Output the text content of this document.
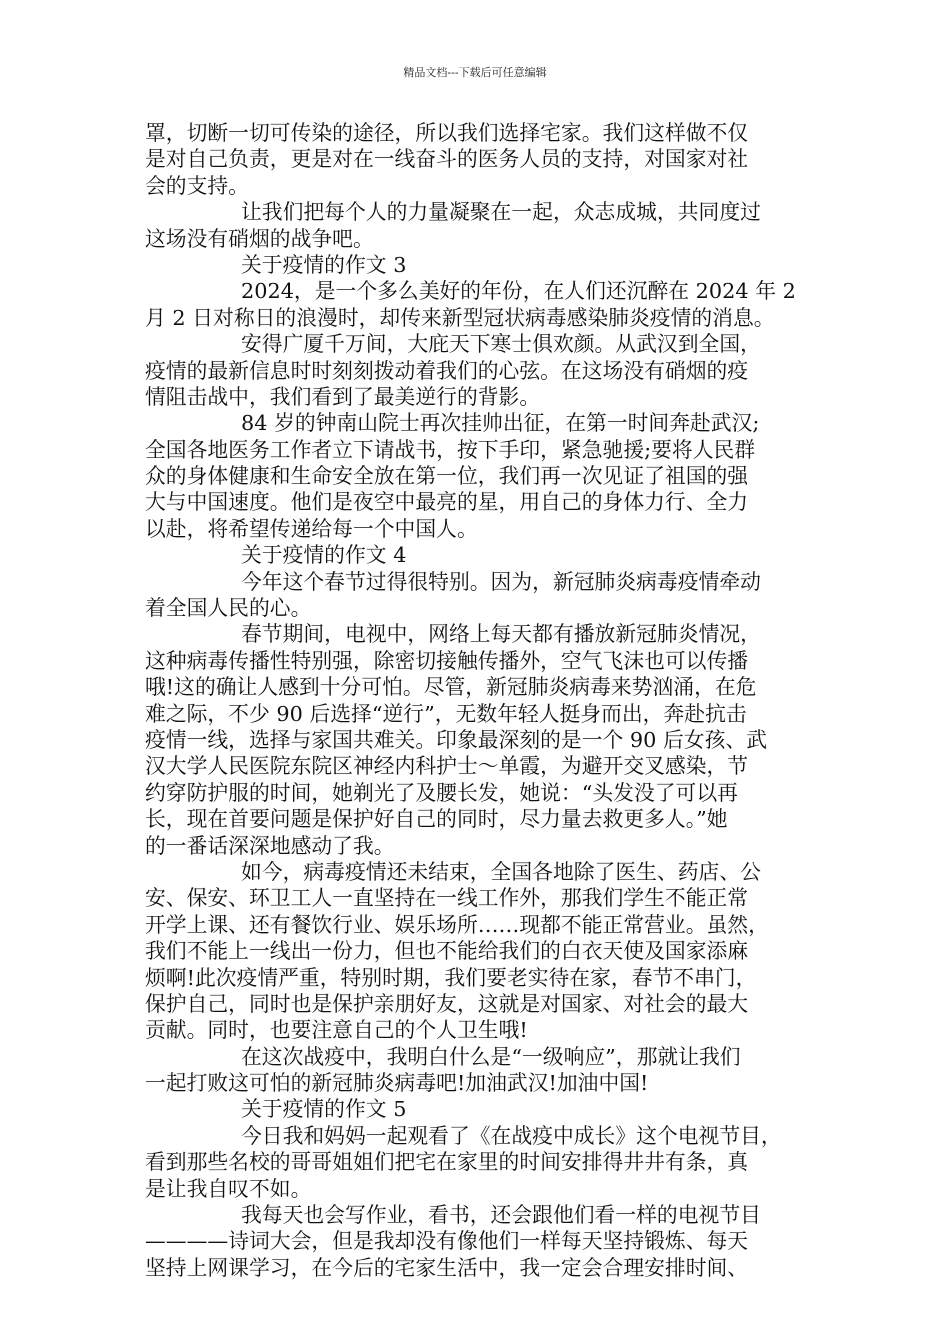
精品文档---下载后可任意编辑
罩，切断一切可传染的途径，所以我们选择宅家。我们这样做不仅
是对自己负责，更是对在一线奋斗的医务人员的支持，对国家对社
会的支持。
让我们把每个人的力量凝聚在一起，众志成城，共同度过
这场没有硝烟的战争吧。
关于疫情的作文 3
2024，是一个多么美好的年份，在人们还沉醉在 2024 年 2
月 2 日对称日的浪漫时，却传来新型冠状病毒感染肺炎疫情的消息。
安得广厦千万间，大庇天下寒士俱欢颜。从武汉到全国，
疫情的最新信息时时刻刻拨动着我们的心弦。在这场没有硝烟的疫
情阻击战中，我们看到了最美逆行的背影。
84 岁的钟南山院士再次挂帅出征，在第一时间奔赴武汉;
全国各地医务工作者立下请战书，按下手印，紧急驰援;要将人民群
众的身体健康和生命安全放在第一位，我们再一次见证了祖国的强
大与中国速度。他们是夜空中最亮的星，用自己的身体力行、全力
以赴，将希望传递给每一个中国人。
关于疫情的作文 4
今年这个春节过得很特别。因为，新冠肺炎病毒疫情牵动
着全国人民的心。
春节期间，电视中，网络上每天都有播放新冠肺炎情况，
这种病毒传播性特别强，除密切接触传播外，空气飞沫也可以传播
哦!这的确让人感到十分可怕。尽管，新冠肺炎病毒来势汹涌，在危
难之际，不少 90 后选择“逆行”，无数年轻人挺身而出，奔赴抗击
疫情一线，选择与家国共难关。印象最深刻的是一个 90 后女孩、武
汉大学人民医院东院区神经内科护士～单霞，为避开交叉感染，节
约穿防护服的时间，她剃光了及腰长发，她说：“头发没了可以再
长，现在首要问题是保护好自己的同时，尽力量去救更多人。”她
的一番话深深地感动了我。
如今，病毒疫情还未结束，全国各地除了医生、药店、公
安、保安、环卫工人一直坚持在一线工作外，那我们学生不能正常
开学上课、还有餐饮行业、娱乐场所……现都不能正常营业。虽然，
我们不能上一线出一份力，但也不能给我们的白衣天使及国家添麻
烦啊!此次疫情严重，特别时期，我们要老实待在家，春节不串门，
保护自己，同时也是保护亲朋好友，这就是对国家、对社会的最大
贡献。同时，也要注意自己的个人卫生哦!
在这次战疫中，我明白什么是“一级响应”，那就让我们
一起打败这可怕的新冠肺炎病毒吧!加油武汉!加油中国!
关于疫情的作文 5
今日我和妈妈一起观看了《在战疫中成长》这个电视节目，
看到那些名校的哥哥姐姐们把宅在家里的时间安排得井井有条，真
是让我自叹不如。
我每天也会写作业，看书，还会跟他们看一样的电视节目
————诗词大会，但是我却没有像他们一样每天坚持锻炼、每天
坚持上网课学习，在今后的宅家生活中，我一定会合理安排时间、
